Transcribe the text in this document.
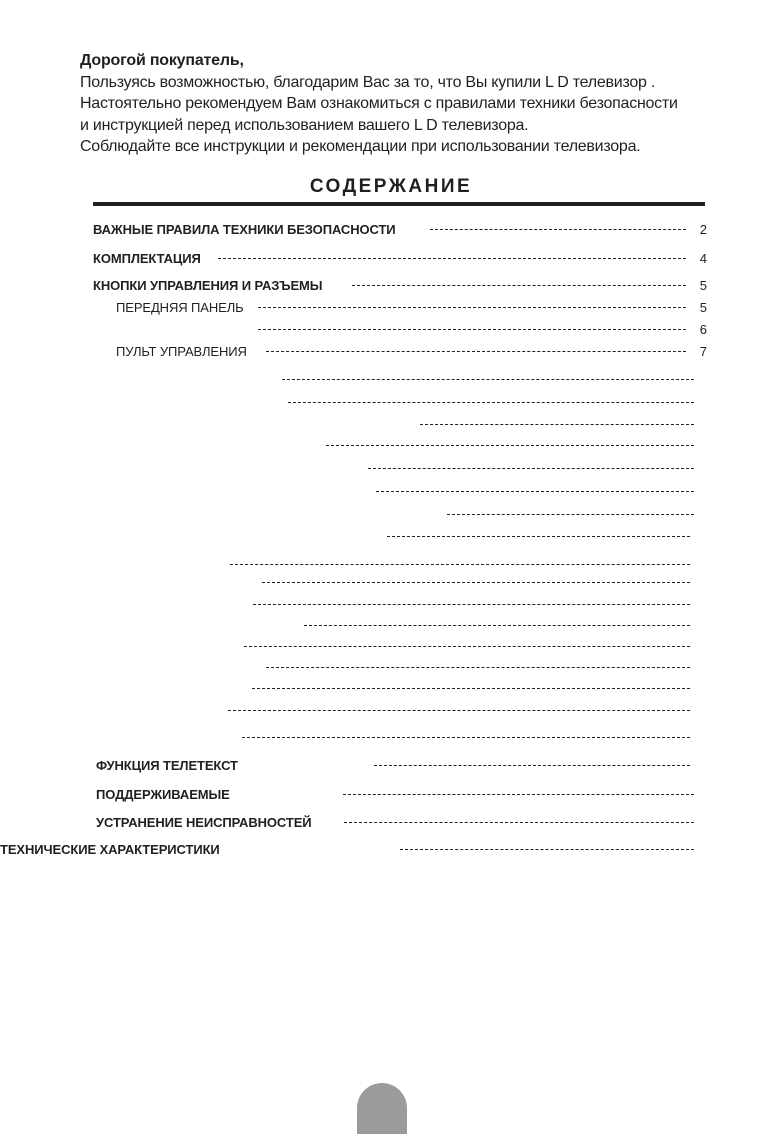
Дорогой покупатель,
Пользуясь возможностью, благодарим Вас за то, что Вы купили L D телевизор .
Настоятельно рекомендуем Вам ознакомиться с правилами техники безопасности
и инструкцией перед использованием вашего L D телевизора.
Соблюдайте все инструкции и рекомендации при использовании телевизора.
СОДЕРЖАНИЕ
ВАЖНЫЕ ПРАВИЛА ТЕХНИКИ БЕЗОПАСНОСТИ	2
КОМПЛЕКТАЦИЯ	4
КНОПКИ УПРАВЛЕНИЯ И РАЗЪЕМЫ	5
ПЕРЕДНЯЯ ПАНЕЛЬ	5
6
ПУЛЬТ УПРАВЛЕНИЯ	7
ФУНКЦИЯ ТЕЛЕТЕКСТ
ПОДДЕРЖИВАЕМЫЕ
УСТРАНЕНИЕ НЕИСПРАВНОСТЕЙ
ТЕХНИЧЕСКИЕ ХАРАКТЕРИСТИКИ
